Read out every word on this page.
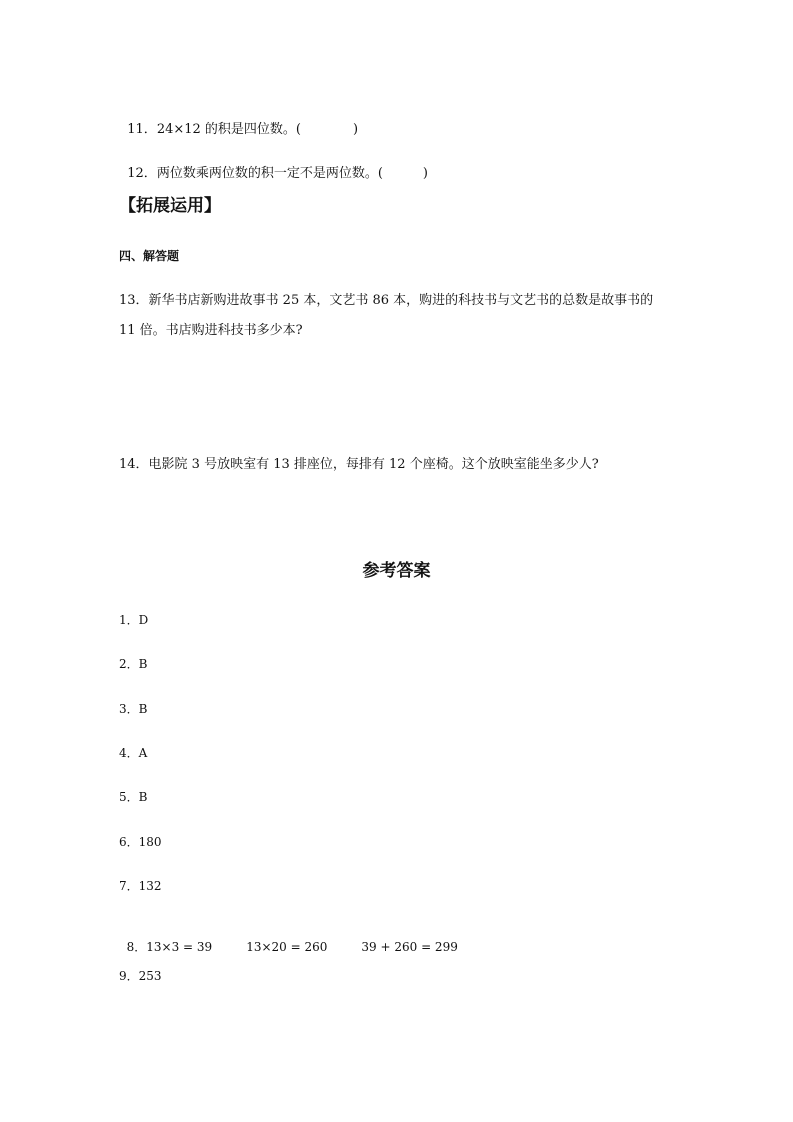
11．24×12 的积是四位数。(	)

12．两位数乘两位数的积一定不是两位数。(	)

【拓展运用】
四、解答题
13．新华书店新购进故事书 25 本，文艺书 86 本，购进的科技书与文艺书的总数是故事书的
11 倍。书店购进科技书多少本?
14．电影院 3 号放映室有 13 排座位，每排有 12 个座椅。这个放映室能坐多少人?
参考答案
1．D
2．B
3．B
4．A
5．B
6．180
7．132

8．13×3 = 39	13×20 = 260	39 + 260 = 299

9．253
